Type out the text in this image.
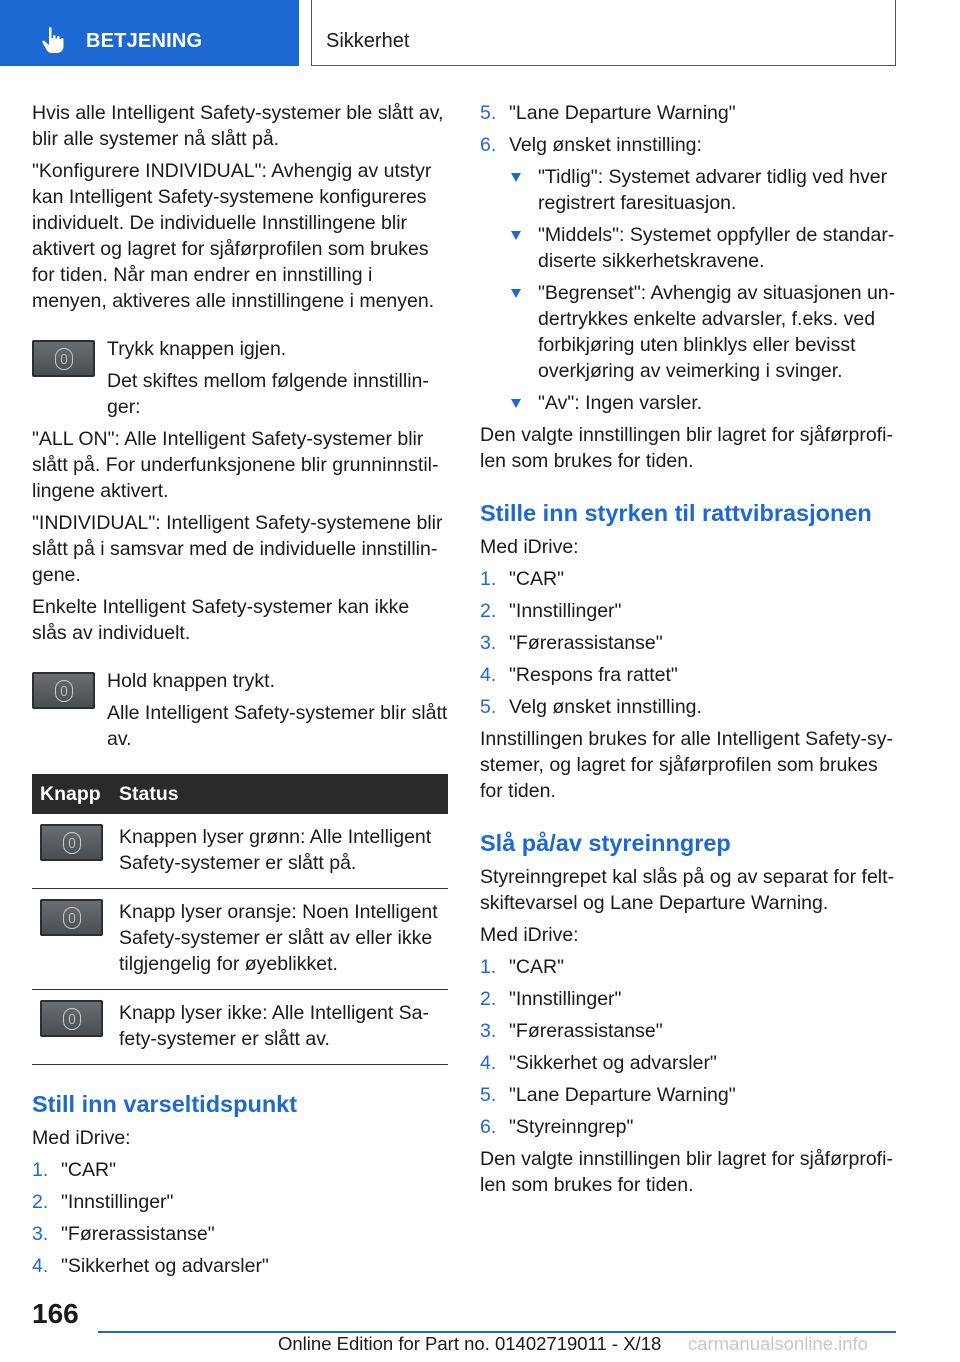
BETJENING	Sikkerhet

Hvis alle Intelligent Safety-systemer ble slått av, blir alle systemer nå slått på.

"Konfigurere INDIVIDUAL": Avhengig av utstyr kan Intelligent Safety-systemene konfigureres individuelt. De individuelle Innstillingene blir aktivert og lagret for sjåførprofilen som brukes for tiden. Når man endrer en innstilling i menyen, aktiveres alle innstillingene i menyen.

Trykk knappen igjen.

Det skiftes mellom følgende innstillinger:

"ALL ON": Alle Intelligent Safety-systemer blir slått på. For underfunksjonene blir grunninnstillingene aktivert.

"INDIVIDUAL": Intelligent Safety-systemene blir slått på i samsvar med de individuelle innstillingene.

Enkelte Intelligent Safety-systemer kan ikke slås av individuelt.

Hold knappen trykt.

Alle Intelligent Safety-systemer blir slått av.

Knapp	Status

	Knappen lyser grønn: Alle Intelligent Safety-systemer er slått på.

	Knapp lyser oransje: Noen Intelligent Safety-systemer er slått av eller ikke tilgjengelig for øyeblikket.

	Knapp lyser ikke: Alle Intelligent Safety-systemer er slått av.
Still inn varseltidspunkt

Med iDrive:

1. "CAR"
2. "Innstillinger"
3. "Førerassistanse"
4. "Sikkerhet og advarsler"
5. "Lane Departure Warning"
6. Velg ønsket innstilling:
"Tidlig": Systemet advarer tidlig ved hver registrert faresituasjon.
"Middels": Systemet oppfyller de standardiserte sikkerhetskravene.
"Begrenset": Avhengig av situasjonen undertrykkes enkelte advarsler, f.eks. ved forbikjøring uten blinklys eller bevisst overkjøring av veimerking i svinger.
"Av": Ingen varsler.

Den valgte innstillingen blir lagret for sjåførprofilen som brukes for tiden.

Stille inn styrken til rattvibrasjonen

Med iDrive:

1. "CAR"
2. "Innstillinger"
3. "Førerassistanse"
4. "Respons fra rattet"
5. Velg ønsket innstilling.

Innstillingen brukes for alle Intelligent Safety-systemer, og lagret for sjåførprofilen som brukes for tiden.

Slå på/av styreinngrep

Styreinngrepet kal slås på og av separat for feltskiftevarsel og Lane Departure Warning.

Med iDrive:

1. "CAR"
2. "Innstillinger"
3. "Førerassistanse"
4. "Sikkerhet og advarsler"
5. "Lane Departure Warning"
6. "Styreinngrep"

Den valgte innstillingen blir lagret for sjåførprofilen som brukes for tiden.

166
Online Edition for Part no. 01402719011 - X/18 carmanualsonline.info
